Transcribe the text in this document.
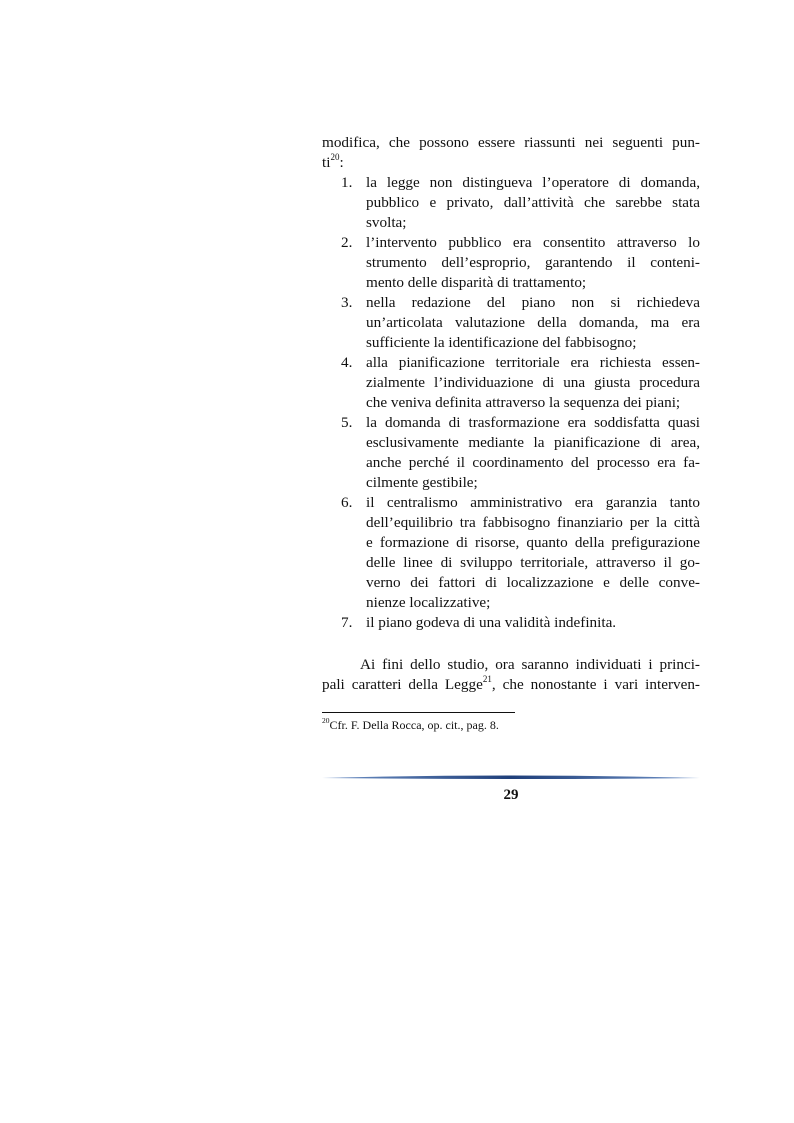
modifica, che possono essere riassunti nei seguenti pun-
$ti^{20}$:
1. la legge non distingueva l’operatore di domanda,
pubblico e privato, dall’attività che sarebbe stata
svolta;
2. l’intervento pubblico era consentito attraverso lo
strumento dell’esproprio, garantendo il conteni-
mento delle disparità di trattamento;
3. nella redazione del piano non si richiedeva
un’articolata valutazione della domanda, ma era
sufficiente la identificazione del fabbisogno;
4. alla pianificazione territoriale era richiesta essen-
zialmente l’individuazione di una giusta procedura
che veniva definita attraverso la sequenza dei piani;
5. la domanda di trasformazione era soddisfatta quasi
esclusivamente mediante la pianificazione di area,
anche perché il coordinamento del processo era fa-
cilmente gestibile;
6. il centralismo amministrativo era garanzia tanto
dell’equilibrio tra fabbisogno finanziario per la città
e formazione di risorse, quanto della prefigurazione
delle linee di sviluppo territoriale, attraverso il go-
verno dei fattori di localizzazione e delle conve-
nienze localizzative;
7. il piano godeva di una validità indefinita.
Ai fini dello studio, ora saranno individuati i princi-
pali caratteri della Legge$^{21}$, che nonostante i vari interven-
$^{20}$Cfr. F. Della Rocca, op. cit., pag. 8.
29
